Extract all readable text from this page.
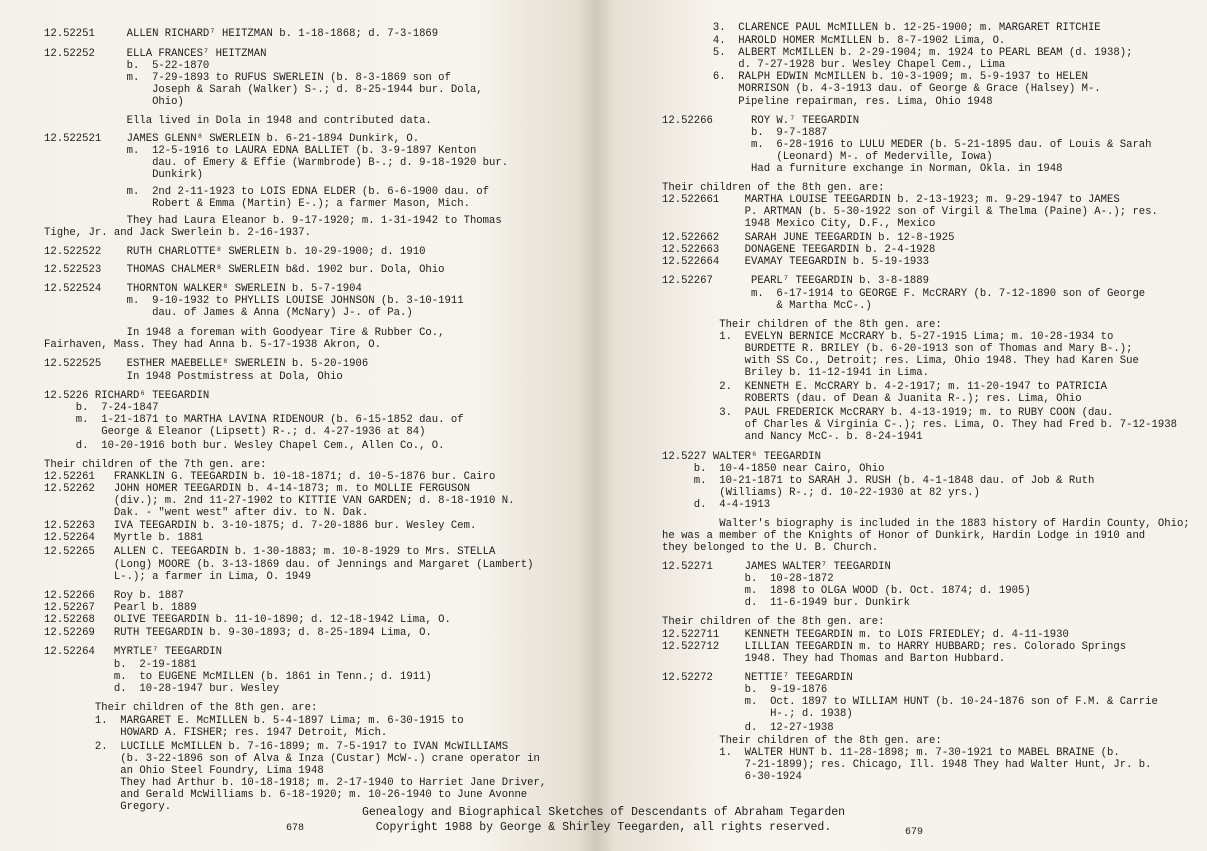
12.52251     ALLEN RICHARD⁷ HEITZMAN b. 1-18-1868; d. 7-3-1869
12.52252     ELLA FRANCES⁷ HEITZMAN
b.  5-22-1870
m.  7-29-1893 to RUFUS SWERLEIN (b. 8-3-1869 son of
Joseph & Sarah (Walker) S-.; d. 8-25-1944 bur. Dola,
Ohio)
Ella lived in Dola in 1948 and contributed data.
12.522521    JAMES GLENN⁸ SWERLEIN b. 6-21-1894 Dunkirk, O.
m.  12-5-1916 to LAURA EDNA BALLIET (b. 3-9-1897 Kenton
dau. of Emery & Effie (Warmbrode) B-.; d. 9-18-1920 bur.
Dunkirk)
m.  2nd 2-11-1923 to LOIS EDNA ELDER (b. 6-6-1900 dau. of
Robert & Emma (Martin) E-.); a farmer Mason, Mich.
They had Laura Eleanor b. 9-17-1920; m. 1-31-1942 to Thomas
Tighe, Jr. and Jack Swerlein b. 2-16-1937.
12.522522    RUTH CHARLOTTE⁸ SWERLEIN b. 10-29-1900; d. 1910
12.522523    THOMAS CHALMER⁸ SWERLEIN b&d. 1902 bur. Dola, Ohio
12.522524    THORNTON WALKER⁸ SWERLEIN b. 5-7-1904
m.  9-10-1932 to PHYLLIS LOUISE JOHNSON (b. 3-10-1911
dau. of James & Anna (McNary) J-. of Pa.)
In 1948 a foreman with Goodyear Tire & Rubber Co.,
Fairhaven, Mass. They had Anna b. 5-17-1938 Akron, O.
12.522525    ESTHER MAEBELLE⁸ SWERLEIN b. 5-20-1906
In 1948 Postmistress at Dola, Ohio
12.5226 RICHARD⁶ TEEGARDIN
b.  7-24-1847
m.  1-21-1871 to MARTHA LAVINA RIDENOUR (b. 6-15-1852 dau. of
George & Eleanor (Lipsett) R-.; d. 4-27-1936 at 84)
d.  10-20-1916 both bur. Wesley Chapel Cem., Allen Co., O.
Their children of the 7th gen. are:
12.52261   FRANKLIN G. TEEGARDIN b. 10-18-1871; d. 10-5-1876 bur. Cairo
12.52262   JOHN HOMER TEEGARDIN b. 4-14-1873; m. to MOLLIE FERGUSON
(div.); m. 2nd 11-27-1902 to KITTIE VAN GARDEN; d. 8-18-1910 N.
Dak. - "went west" after div. to N. Dak.
12.52263   IVA TEEGARDIN b. 3-10-1875; d. 7-20-1886 bur. Wesley Cem.
12.52264   Myrtle b. 1881
12.52265   ALLEN C. TEEGARDIN b. 1-30-1883; m. 10-8-1929 to Mrs. STELLA
(Long) MOORE (b. 3-13-1869 dau. of Jennings and Margaret (Lambert)
L-.); a farmer in Lima, O. 1949
12.52266   Roy b. 1887
12.52267   Pearl b. 1889
12.52268   OLIVE TEEGARDIN b. 11-10-1890; d. 12-18-1942 Lima, O.
12.52269   RUTH TEEGARDIN b. 9-30-1893; d. 8-25-1894 Lima, O.
12.52264   MYRTLE⁷ TEEGARDIN
b.  2-19-1881
m.  to EUGENE McMILLEN (b. 1861 in Tenn.; d. 1911)
d.  10-28-1947 bur. Wesley
Their children of the 8th gen. are:
1.  MARGARET E. McMILLEN b. 5-4-1897 Lima; m. 6-30-1915 to
HOWARD A. FISHER; res. 1947 Detroit, Mich.
2.  LUCILLE McMILLEN b. 7-16-1899; m. 7-5-1917 to IVAN McWILLIAMS
(b. 3-22-1896 son of Alva & Inza (Custar) McW-.) crane operator in
an Ohio Steel Foundry, Lima 1948
They had Arthur b. 10-18-1918; m. 2-17-1940 to Harriet Jane Driver,
and Gerald McWilliams b. 6-18-1920; m. 10-26-1940 to June Avonne
Gregory.
3.  CLARENCE PAUL McMILLEN b. 12-25-1900; m. MARGARET RITCHIE
4.  HAROLD HOMER McMILLEN b. 8-7-1902 Lima, O.
5.  ALBERT McMILLEN b. 2-29-1904; m. 1924 to PEARL BEAM (d. 1938);
d. 7-27-1928 bur. Wesley Chapel Cem., Lima
6.  RALPH EDWIN McMILLEN b. 10-3-1909; m. 5-9-1937 to HELEN
MORRISON (b. 4-3-1913 dau. of George & Grace (Halsey) M-.
Pipeline repairman, res. Lima, Ohio 1948
12.52266      ROY W.⁷ TEEGARDIN
b.  9-7-1887
m.  6-28-1916 to LULU MEDER (b. 5-21-1895 dau. of Louis & Sarah
(Leonard) M-. of Mederville, Iowa)
Had a furniture exchange in Norman, Okla. in 1948
Their children of the 8th gen. are:
12.522661    MARTHA LOUISE TEEGARDIN b. 2-13-1923; m. 9-29-1947 to JAMES
P. ARTMAN (b. 5-30-1922 son of Virgil & Thelma (Paine) A-.); res.
1948 Mexico City, D.F., Mexico
12.522662    SARAH JUNE TEEGARDIN b. 12-8-1925
12.522663    DONAGENE TEEGARDIN b. 2-4-1928
12.522664    EVAMAY TEEGARDIN b. 5-19-1933
12.52267      PEARL⁷ TEEGARDIN b. 3-8-1889
m.  6-17-1914 to GEORGE F. McCRARY (b. 7-12-1890 son of George
& Martha McC-.)
Their children of the 8th gen. are:
1.  EVELYN BERNICE McCRARY b. 5-27-1915 Lima; m. 10-28-1934 to
BURDETTE R. BRILEY (b. 6-20-1913 son of Thomas and Mary B-.);
with SS Co., Detroit; res. Lima, Ohio 1948. They had Karen Sue
Briley b. 11-12-1941 in Lima.
2.  KENNETH E. McCRARY b. 4-2-1917; m. 11-20-1947 to PATRICIA
ROBERTS (dau. of Dean & Juanita R-.); res. Lima, Ohio
3.  PAUL FREDERICK McCRARY b. 4-13-1919; m. to RUBY COON (dau.
of Charles & Virginia C-.); res. Lima, O. They had Fred b. 7-12-1938
and Nancy McC-. b. 8-24-1941
12.5227 WALTER⁶ TEEGARDIN
b.  10-4-1850 near Cairo, Ohio
m.  10-21-1871 to SARAH J. RUSH (b. 4-1-1848 dau. of Job & Ruth
(Williams) R-.; d. 10-22-1930 at 82 yrs.)
d.  4-4-1913
Walter's biography is included in the 1883 history of Hardin County, Ohio;
he was a member of the Knights of Honor of Dunkirk, Hardin Lodge in 1910 and
they belonged to the U. B. Church.
12.52271     JAMES WALTER⁷ TEEGARDIN
b.  10-28-1872
m.  1898 to OLGA WOOD (b. Oct. 1874; d. 1905)
d.  11-6-1949 bur. Dunkirk
Their children of the 8th gen. are:
12.522711    KENNETH TEEGARDIN m. to LOIS FRIEDLEY; d. 4-11-1930
12.522712    LILLIAN TEEGARDIN m. to HARRY HUBBARD; res. Colorado Springs
1948. They had Thomas and Barton Hubbard.
12.52272     NETTIE⁷ TEEGARDIN
b.  9-19-1876
m.  Oct. 1897 to WILLIAM HUNT (b. 10-24-1876 son of F.M. & Carrie
H-.; d. 1938)
d.  12-27-1938
Their children of the 8th gen. are:
1.  WALTER HUNT b. 11-28-1898; m. 7-30-1921 to MABEL BRAINE (b.
7-21-1899); res. Chicago, Ill. 1948 They had Walter Hunt, Jr. b.
6-30-1924
678	679
Genealogy and Biographical Sketches of Descendants of Abraham Tegarden
Copyright 1988 by George & Shirley Teegarden, all rights reserved.
